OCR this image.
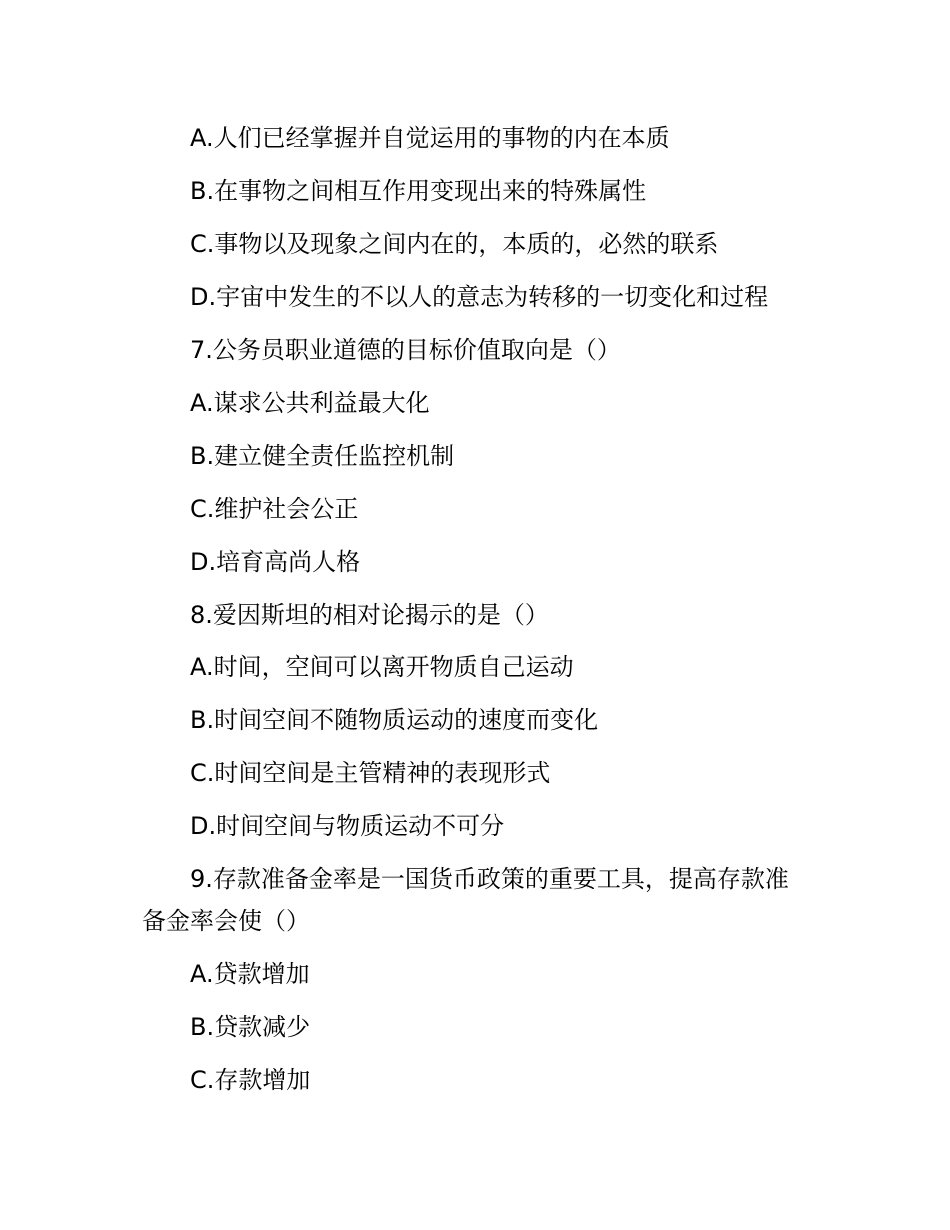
A.人们已经掌握并自觉运用的事物的内在本质
B.在事物之间相互作用变现出来的特殊属性
C.事物以及现象之间内在的，本质的，必然的联系
D.宇宙中发生的不以人的意志为转移的一切变化和过程
7.公务员职业道德的目标价值取向是（）
A.谋求公共利益最大化
B.建立健全责任监控机制
C.维护社会公正
D.培育高尚人格
8.爱因斯坦的相对论揭示的是（）
A.时间，空间可以离开物质自己运动
B.时间空间不随物质运动的速度而变化
C.时间空间是主管精神的表现形式
D.时间空间与物质运动不可分
9.存款准备金率是一国货币政策的重要工具，提高存款准
备金率会使（）
A.贷款增加
B.贷款减少
C.存款增加
